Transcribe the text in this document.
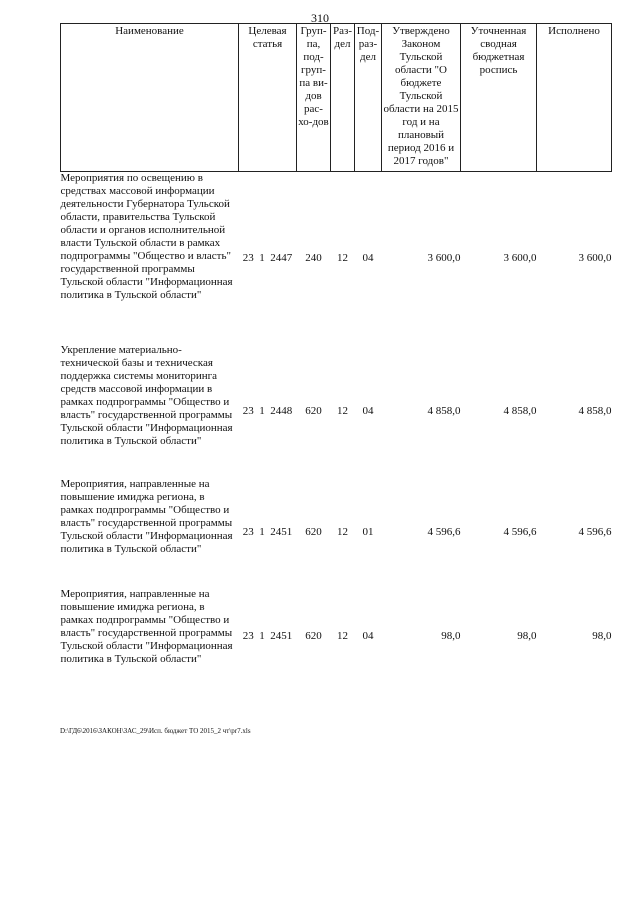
310
Наименование	Целевая статья	Груп-па, под-груп-па ви-дов рас-хо-дов	Раз-дел	Под-раз-дел	Утверждено Законом Тульской области "О бюджете Тульской области на 2015 год и на плановый период 2016 и 2017 годов"	Уточненная сводная бюджетная роспись	Исполнено
Мероприятия по освещению в средствах массовой информации деятельности Губернатора Тульской области, правительства Тульской области и органов исполнительной власти Тульской области в рамках подпрограммы "Общество и власть" государственной программы Тульской области "Информационная политика в Тульской области"	23  1  2447	240	12	04	3 600,0	3 600,0	3 600,0
Укрепление материально-технической базы и техническая поддержка системы мониторинга средств массовой информации в рамках подпрограммы "Общество и власть" государственной программы Тульской области "Информационная политика в Тульской области"	23  1  2448	620	12	04	4 858,0	4 858,0	4 858,0
Мероприятия, направленные на повышение имиджа региона, в рамках подпрограммы "Общество и власть" государственной программы Тульской области "Информационная политика в Тульской области"	23  1  2451	620	12	01	4 596,6	4 596,6	4 596,6
Мероприятия, направленные на повышение имиджа региона, в рамках подпрограммы "Общество и власть" государственной программы Тульской области "Информационная политика в Тульской области"	23  1  2451	620	12	04	98,0	98,0	98,0
D:\ГД6\2016\ЗАКОН\ЗАС_29\Исп. бюджет ТО 2015_2 чт\pr7.xls
